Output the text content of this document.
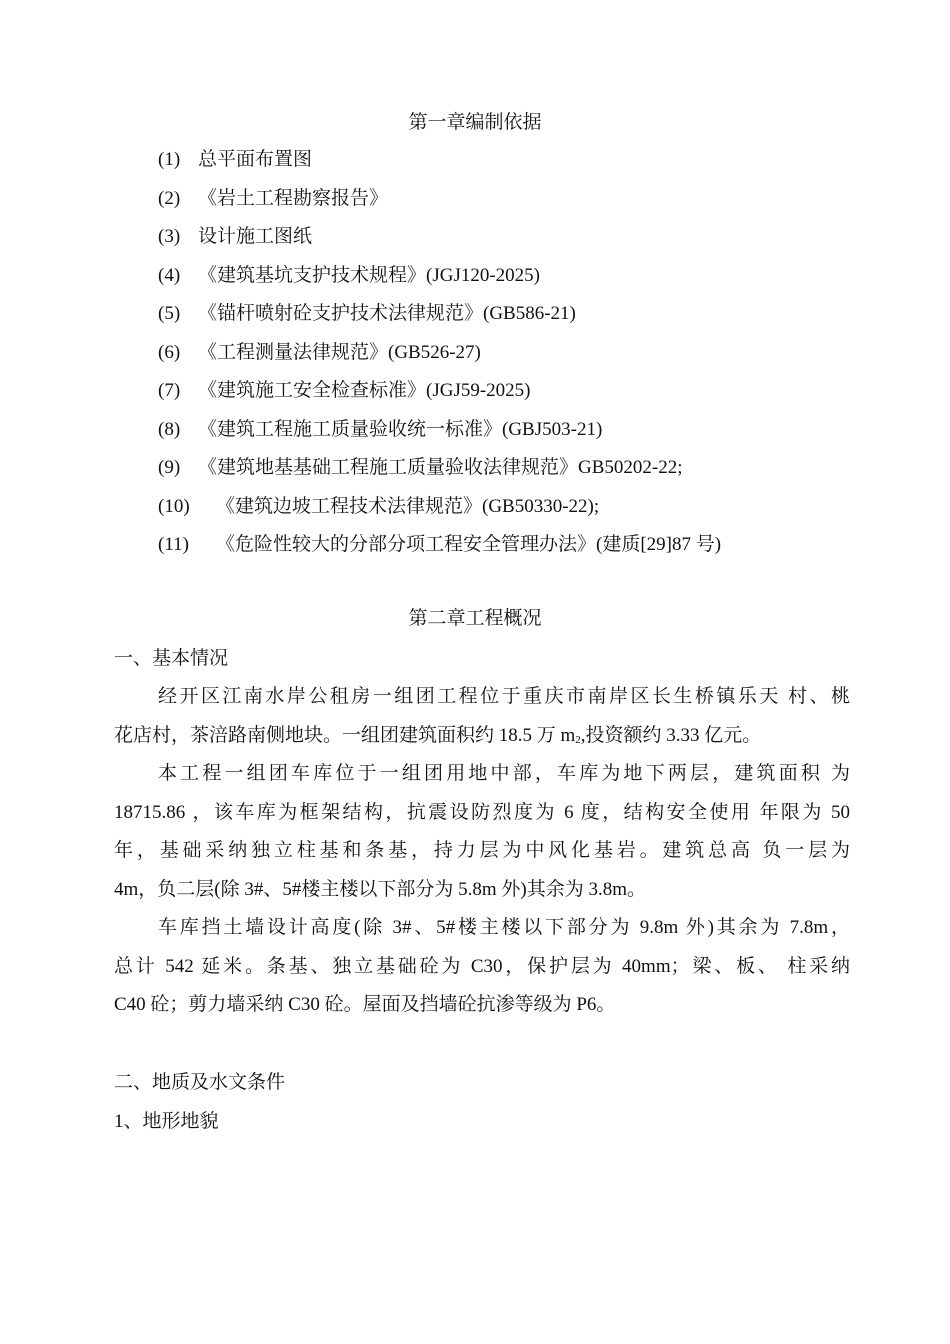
第一章编制依据
(1) 总平面布置图
(2) 《岩土工程勘察报告》
(3) 设计施工图纸
(4) 《建筑基坑支护技术规程》(JGJ120-2025)
(5) 《锚杆喷射砼支护技术法律规范》(GB586-21)
(6) 《工程测量法律规范》(GB526-27)
(7) 《建筑施工安全检查标准》(JGJ59-2025)
(8) 《建筑工程施工质量验收统一标准》(GBJ503-21)
(9) 《建筑地基基础工程施工质量验收法律规范》GB50202-22;
(10) 《建筑边坡工程技术法律规范》(GB50330-22);
(11) 《危险性较大的分部分项工程安全管理办法》(建质[29]87 号)
第二章工程概况
一、基本情况
经开区江南水岸公租房一组团工程位于重庆市南岸区长生桥镇乐天 村、桃
花店村，茶涪路南侧地块。一组团建筑面积约 18.5 万 $m_2$,投资额约 3.33 亿元。
本工程一组团车库位于一组团用地中部，车库为地下两层，建筑面积 为
18715.86 ，该车库为框架结构，抗震设防烈度为 6 度，结构安全使用 年限为 50
年，基础采纳独立柱基和条基，持力层为中风化基岩。建筑总高 负一层为
4m，负二层(除 3#、5#楼主楼以下部分为 5.8m 外)其余为 3.8m。
车库挡土墙设计高度(除 3#、5#楼主楼以下部分为 9.8m 外)其余为 7.8m，
总计 542 延米。条基、独立基础砼为 C30，保护层为 40mm；梁、板、 柱采纳
C40 砼；剪力墙采纳 C30 砼。屋面及挡墙砼抗渗等级为 P6。
二、地质及水文条件
1、地形地貌
